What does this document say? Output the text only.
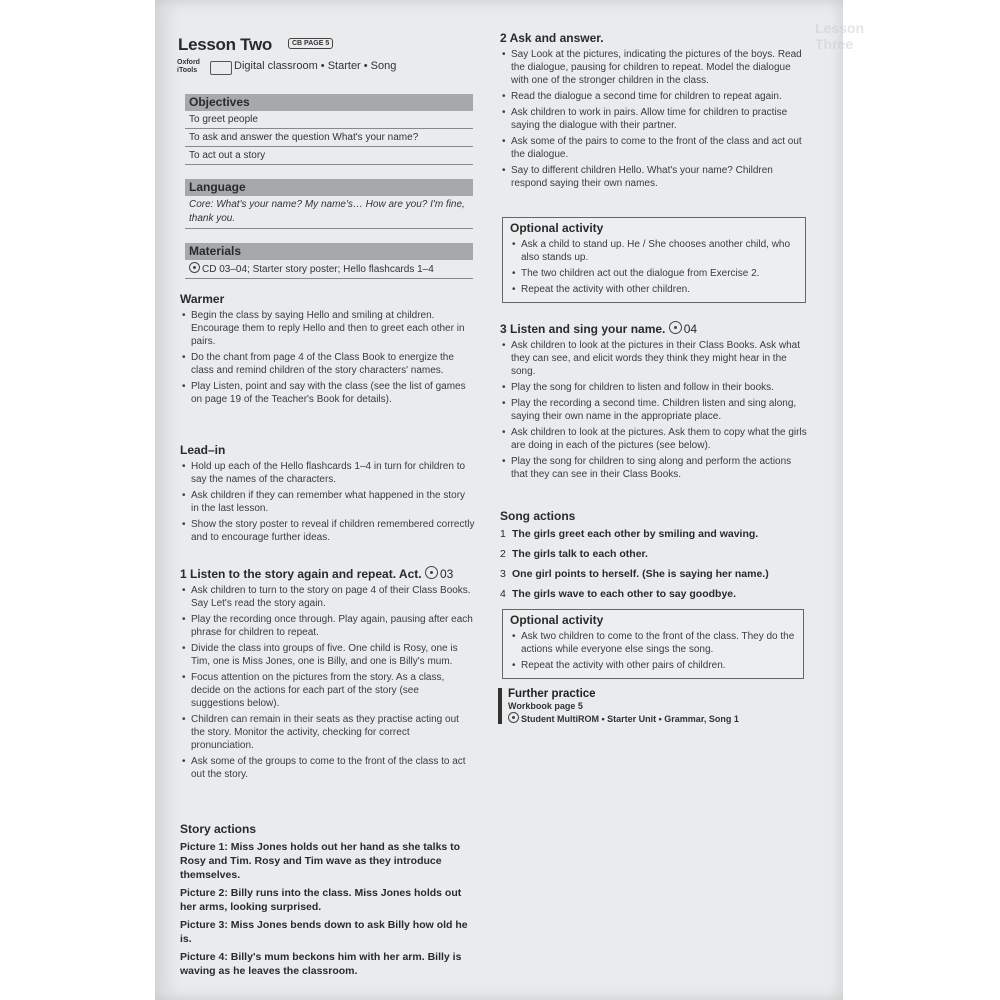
Lesson Three
Lesson Two	CB PAGE 5
Oxford
iTools	Digital classroom • Starter • Song
Objectives
To greet people
To ask and answer the question What's your name?
To act out a story
Language
Core: What's your name? My name's… How are you? I'm fine, thank you.
Materials
CD 03–04; Starter story poster; Hello flashcards 1–4
Warmer
• Begin the class by saying Hello and smiling at children. Encourage them to reply Hello and then to greet each other in pairs.
• Do the chant from page 4 of the Class Book to energize the class and remind children of the story characters' names.
• Play Listen, point and say with the class (see the list of games on page 19 of the Teacher's Book for details).
Lead–in
• Hold up each of the Hello flashcards 1–4 in turn for children to say the names of the characters.
• Ask children if they can remember what happened in the story in the last lesson.
• Show the story poster to reveal if children remembered correctly and to encourage further ideas.
1 Listen to the story again and repeat. Act. 03
• Ask children to turn to the story on page 4 of their Class Books. Say Let's read the story again.
• Play the recording once through. Play again, pausing after each phrase for children to repeat.
• Divide the class into groups of five. One child is Rosy, one is Tim, one is Miss Jones, one is Billy, and one is Billy's mum.
• Focus attention on the pictures from the story. As a class, decide on the actions for each part of the story (see suggestions below).
• Children can remain in their seats as they practise acting out the story. Monitor the activity, checking for correct pronunciation.
• Ask some of the groups to come to the front of the class to act out the story.
Story actions

Picture 1: Miss Jones holds out her hand as she talks to Rosy and Tim. Rosy and Tim wave as they introduce themselves.

Picture 2: Billy runs into the class. Miss Jones holds out her arms, looking surprised.

Picture 3: Miss Jones bends down to ask Billy how old he is.

Picture 4: Billy's mum beckons him with her arm. Billy is waving as he leaves the classroom.

2 Ask and answer.
• Say Look at the pictures, indicating the pictures of the boys. Read the dialogue, pausing for children to repeat. Model the dialogue with one of the stronger children in the class.
• Read the dialogue a second time for children to repeat again.
• Ask children to work in pairs. Allow time for children to practise saying the dialogue with their partner.
• Ask some of the pairs to come to the front of the class and act out the dialogue.
• Say to different children Hello. What's your name? Children respond saying their own names.
Optional activity
• Ask a child to stand up. He / She chooses another child, who also stands up.
• The two children act out the dialogue from Exercise 2.
• Repeat the activity with other children.
3 Listen and sing your name. 04
• Ask children to look at the pictures in their Class Books. Ask what they can see, and elicit words they think they might hear in the song.
• Play the song for children to listen and follow in their books.
• Play the recording a second time. Children listen and sing along, saying their own name in the appropriate place.
• Ask children to look at the pictures. Ask them to copy what the girls are doing in each of the pictures (see below).
• Play the song for children to sing along and perform the actions that they can see in their Class Books.
Song actions
1 The girls greet each other by smiling and waving.
2 The girls talk to each other.
3 One girl points to herself. (She is saying her name.)
4 The girls wave to each other to say goodbye.
Optional activity
• Ask two children to come to the front of the class. They do the actions while everyone else sings the song.
• Repeat the activity with other pairs of children.
Further practice
Workbook page 5
Student MultiROM • Starter Unit • Grammar, Song 1
